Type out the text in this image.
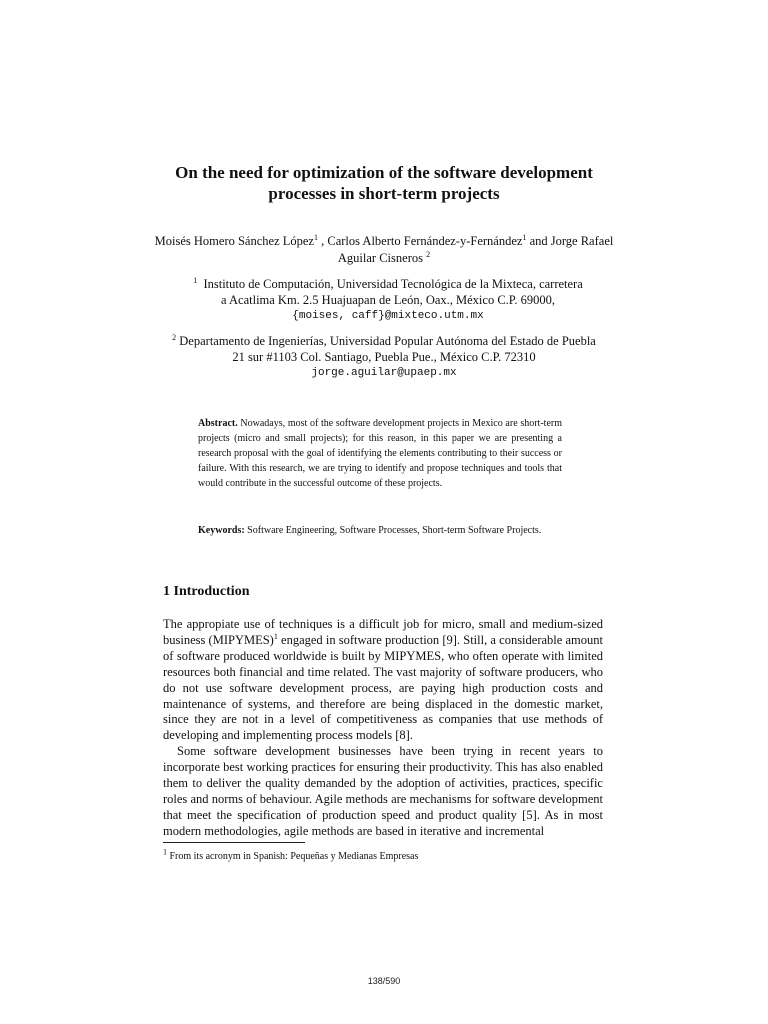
On the need for optimization of the software development
processes in short-term projects
Moisés Homero Sánchez López$^1$ , Carlos Alberto Fernández-y-Fernández$^1$ and Jorge Rafael Aguilar Cisneros $^2$
$^1$ Instituto de Computación, Universidad Tecnológica de la Mixteca, carretera
a Acatlima Km. 2.5 Huajuapan de León, Oax., México C.P. 69000,
{moises, caff}@mixteco.utm.mx
$^2$ Departamento de Ingenierías, Universidad Popular Autónoma del Estado de Puebla
21 sur #1103 Col. Santiago, Puebla Pue., México C.P. 72310
jorge.aguilar@upaep.mx
Abstract. Nowadays, most of the software development projects in Mexico are short-term projects (micro and small projects); for this reason, in this paper we are presenting a research proposal with the goal of identifying the elements contributing to their success or failure. With this research, we are trying to identify and propose techniques and tools that would contribute in the successful outcome of these projects.
Keywords: Software Engineering, Software Processes, Short-term Software Projects.
1 Introduction

The appropiate use of techniques is a difficult job for micro, small and medium-sized business (MIPYMES)$^1$ engaged in software production [9]. Still, a considerable amount of software produced worldwide is built by MIPYMES, who often operate with limited resources both financial and time related. The vast majority of software producers, who do not use software development process, are paying high production costs and maintenance of systems, and therefore are being displaced in the domestic market, since they are not in a level of competitiveness as companies that use methods of developing and implementing process models [8].

Some software development businesses have been trying in recent years to incorporate best working practices for ensuring their productivity. This has also enabled them to deliver the quality demanded by the adoption of activities, practices, specific roles and norms of behaviour. Agile methods are mechanisms for software development that meet the specification of production speed and product quality [5]. As in most modern methodologies, agile methods are based in iterative and incremental

$^1$ From its acronym in Spanish: Pequeñas y Medianas Empresas
138/590
